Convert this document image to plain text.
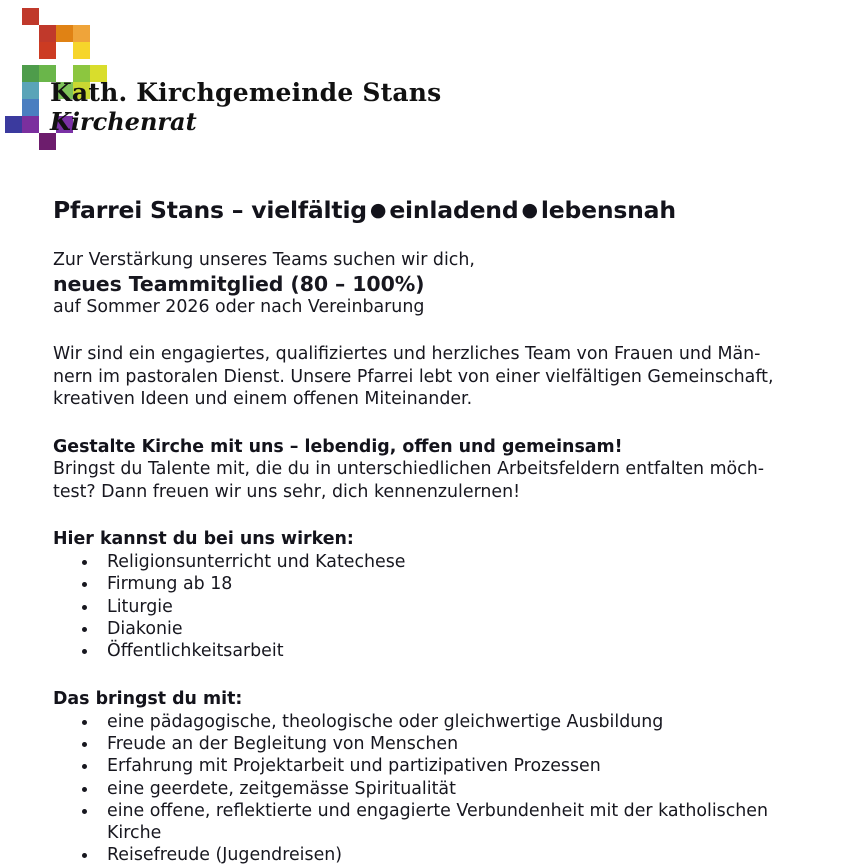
Kath. Kirchgemeinde Stans
Kirchenrat
Pfarrei Stans – vielfältig ● einladend ● lebensnah
Zur Verstärkung unseres Teams suchen wir dich,
neues Teammitglied (80 – 100%)
auf Sommer 2026 oder nach Vereinbarung
Wir sind ein engagiertes, qualifiziertes und herzliches Team von Frauen und Män-
nern im pastoralen Dienst. Unsere Pfarrei lebt von einer vielfältigen Gemeinschaft,
kreativen Ideen und einem offenen Miteinander.
Gestalte Kirche mit uns – lebendig, offen und gemeinsam!
Bringst du Talente mit, die du in unterschiedlichen Arbeitsfeldern entfalten möch-
test? Dann freuen wir uns sehr, dich kennenzulernen!
Hier kannst du bei uns wirken:
Religionsunterricht und Katechese
Firmung ab 18
Liturgie
Diakonie
Öffentlichkeitsarbeit
Das bringst du mit:
eine pädagogische, theologische oder gleichwertige Ausbildung
Freude an der Begleitung von Menschen
Erfahrung mit Projektarbeit und partizipativen Prozessen
eine geerdete, zeitgemässe Spiritualität
eine offene, reflektierte und engagierte Verbundenheit mit der katholischen Kirche
Reisefreude (Jugendreisen)
